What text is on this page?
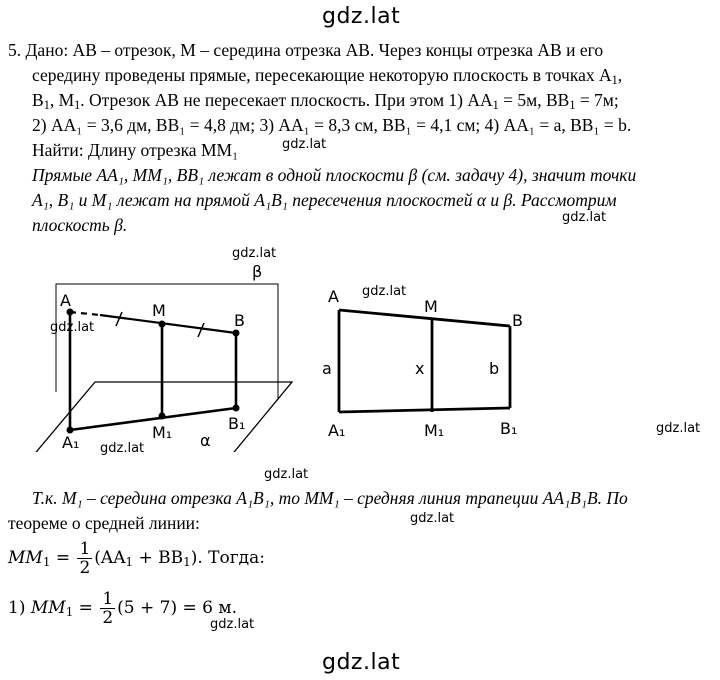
gdz.lat
gdz.lat
gdz.lat
gdz.lat
gdz.lat
gdz.lat
gdz.lat
gdz.lat
gdz.lat
gdz.lat
gdz.lat
gdz.lat
5. Дано: АВ – отрезок, М – середина отрезка АВ. Через концы отрезка АВ и его
середину проведены прямые, пересекающие некоторую плоскость в точках $А_1$,
$В_1$, $М_1$. Отрезок АВ не пересекает плоскость. При этом 1) $АА_1 = 5м$, $ВВ_1 = 7м$;
2) АА₁ = 3,6 дм, ВВ₁ = 4,8 дм; 3) АА₁ = 8,3 см, ВВ₁ = 4,1 см; 4) АА₁ = a, ВВ₁ = b.
Найти: Длину отрезка ММ₁
Прямые AA₁, MM₁, BB₁ лежат в одной плоскости β (см. задачу 4), значит точки
A₁, B₁ и M₁ лежат на прямой A₁B₁ пересечения плоскостей α и β. Рассмотрим
плоскость β.
A
M
B
β
A₁
M₁	B₁
α
A
M
B
a	x	b
A₁	M₁	B₁
Т.к. M₁ – середина отрезка A₁B₁, то MM₁ – средняя линия трапеции AA₁B₁B. По
теореме о средней линии:
$MM_1 = \frac{1}{2} (AA_1 + BB_1)$. Тогда:
1) $MM_1 = \frac{1}{2} (5 + 7) = 6$ м.
